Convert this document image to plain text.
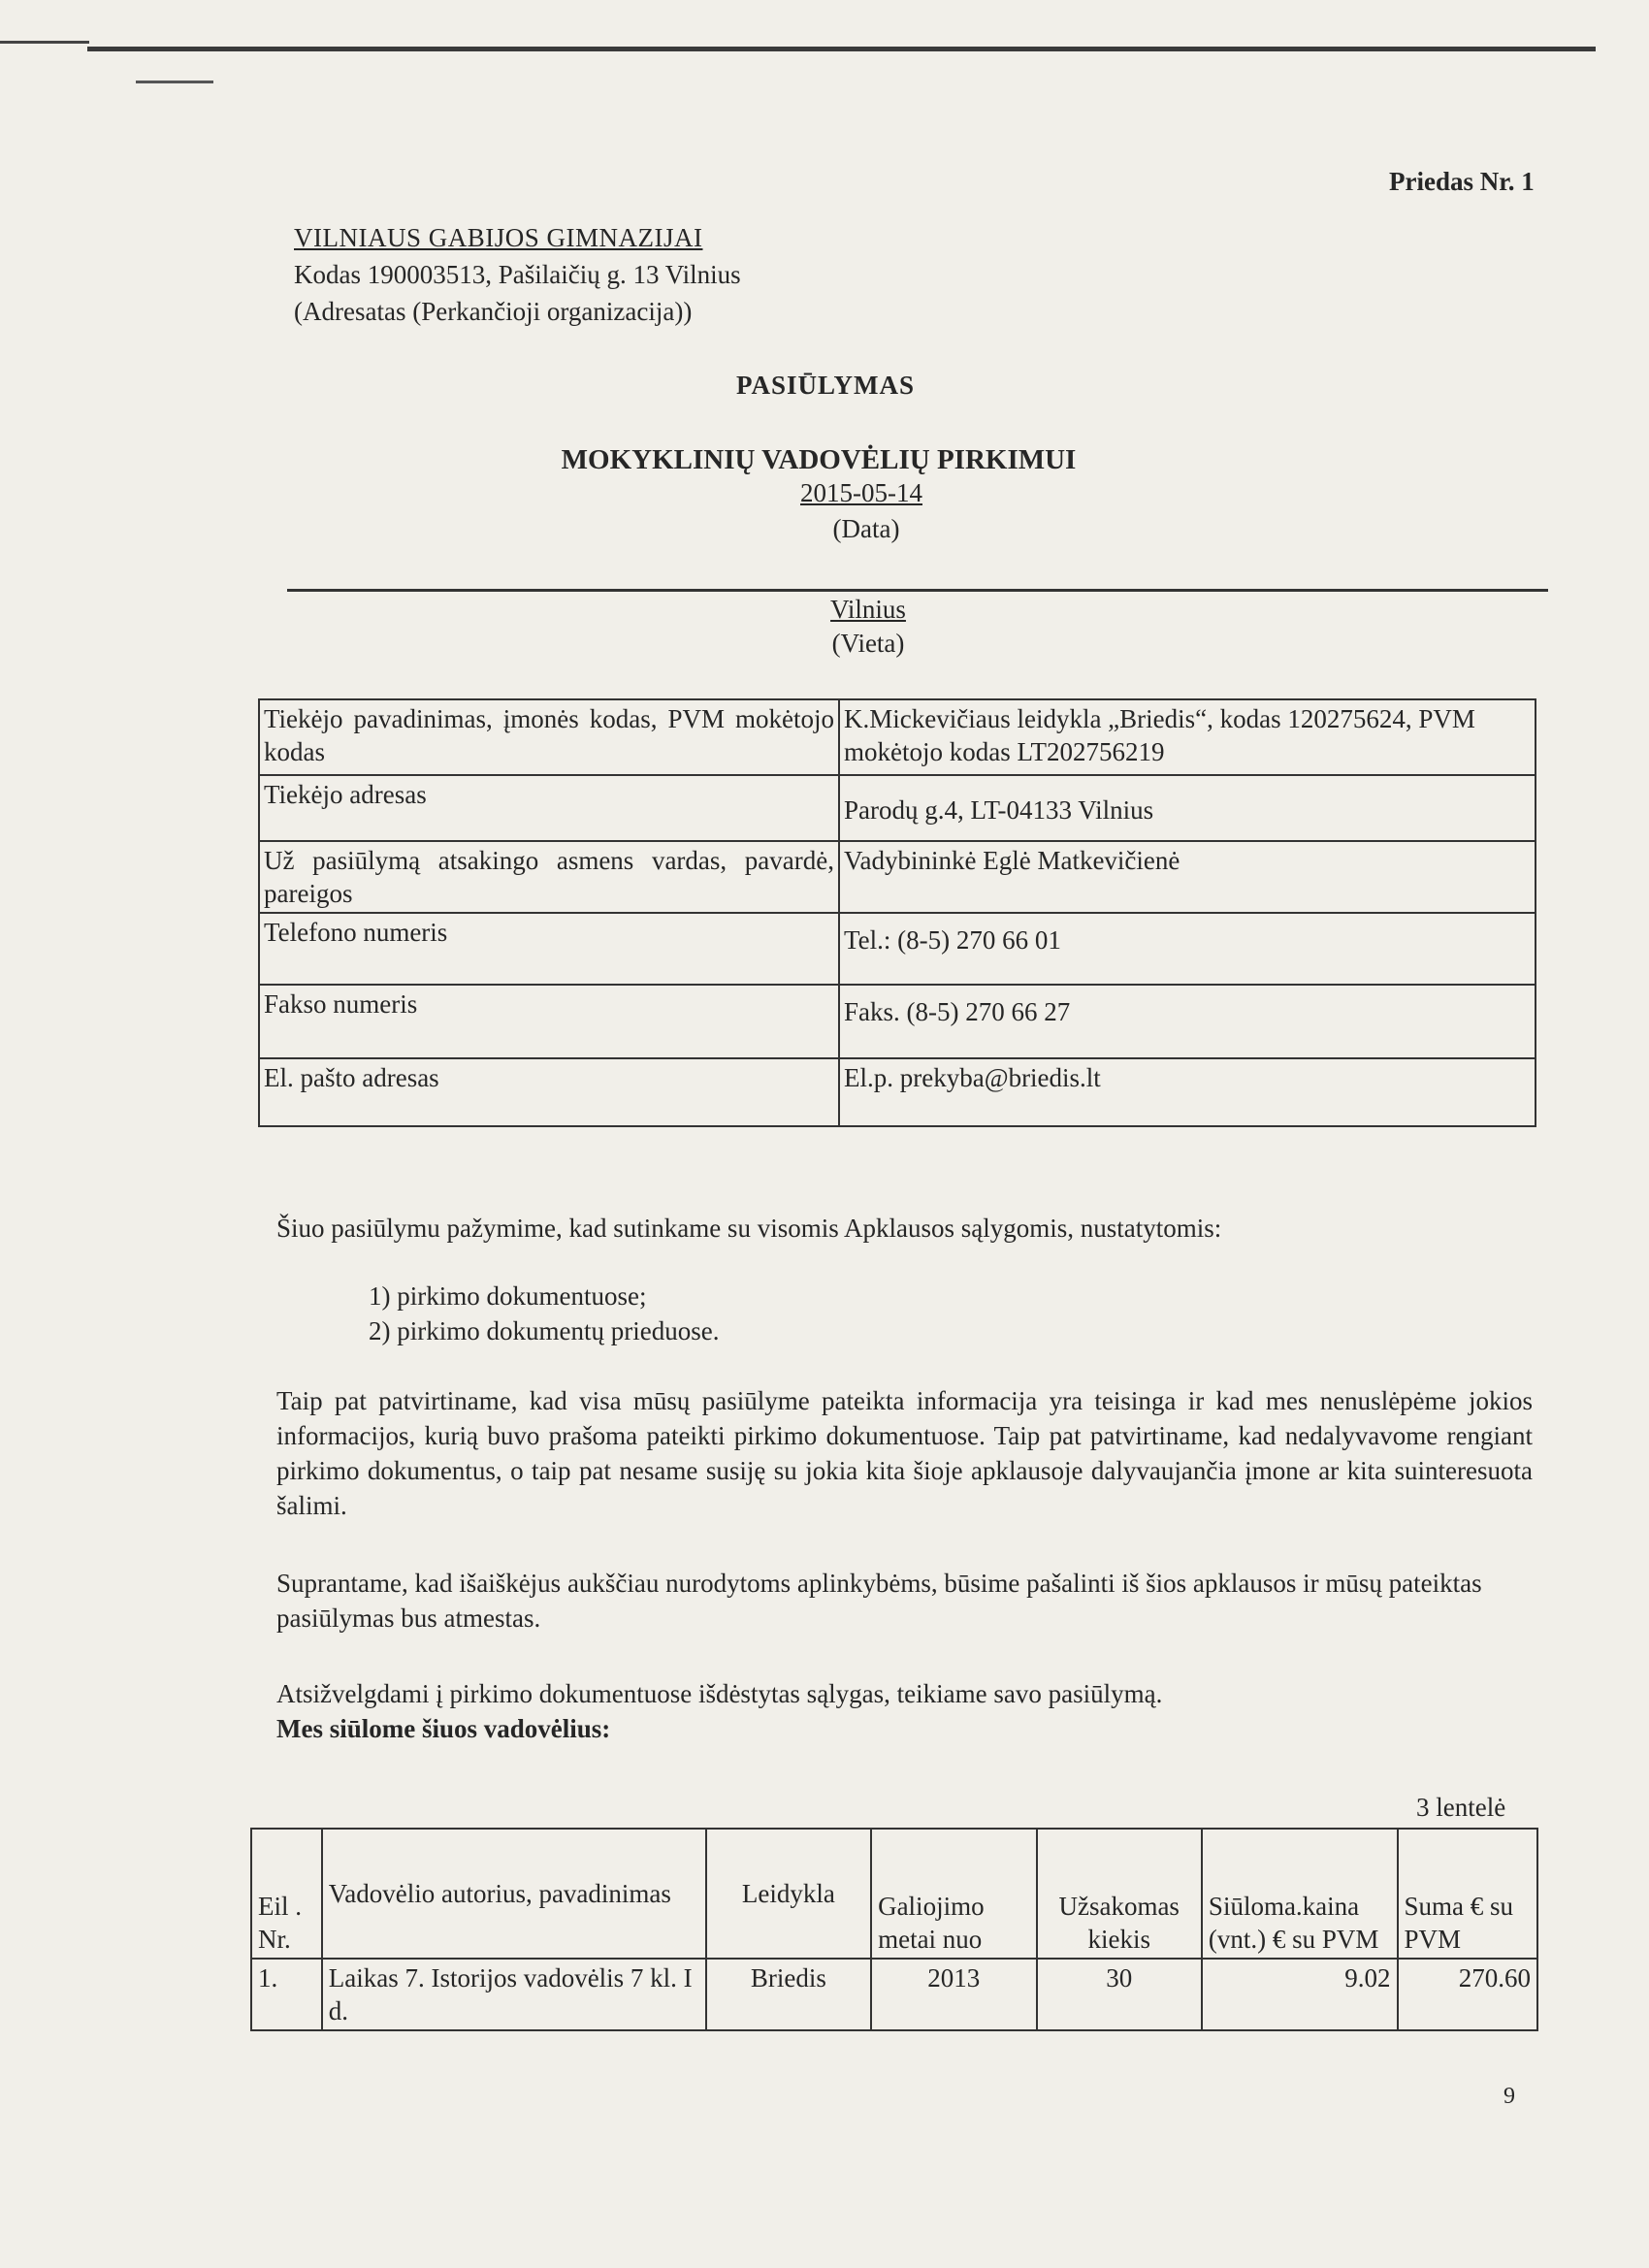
Priedas Nr. 1
VILNIAUS GABIJOS GIMNAZIJAI
Kodas 190003513, Pašilaičių g. 13 Vilnius
(Adresatas (Perkančioji organizacija))
PASIŪLYMAS
MOKYKLINIŲ VADOVĖLIŲ PIRKIMUI
2015-05-14
(Data)
Vilnius
(Vieta)
Tiekėjo pavadinimas, įmonės kodas, PVM mokėtojo kodas	K.Mickevičiaus leidykla „Briedis“, kodas 120275624, PVM mokėtojo kodas LT202756219
Tiekėjo adresas	Parodų g.4, LT-04133 Vilnius
Už pasiūlymą atsakingo asmens vardas, pavardė, pareigos	Vadybininkė Eglė Matkevičienė
Telefono numeris	Tel.: (8-5) 270 66 01
Fakso numeris	Faks. (8-5) 270 66 27
El. pašto adresas	El.p. prekyba@briedis.lt
Šiuo pasiūlymu pažymime, kad sutinkame su visomis Apklausos sąlygomis, nustatytomis:
1) pirkimo dokumentuose;
2) pirkimo dokumentų prieduose.
Taip pat patvirtiname, kad visa mūsų pasiūlyme pateikta informacija yra teisinga ir kad mes nenuslėpėme jokios informacijos, kurią buvo prašoma pateikti pirkimo dokumentuose. Taip pat patvirtiname, kad nedalyvavome rengiant pirkimo dokumentus, o taip pat nesame susiję su jokia kita šioje apklausoje dalyvaujančia įmone ar kita suinteresuota šalimi.
Suprantame, kad išaiškėjus aukščiau nurodytoms aplinkybėms, būsime pašalinti iš šios apklausos ir mūsų pateiktas pasiūlymas bus atmestas.
Atsižvelgdami į pirkimo dokumentuose išdėstytas sąlygas, teikiame savo pasiūlymą.
Mes siūlome šiuos vadovėlius:
3 lentelė
Eil . Nr.	Vadovėlio autorius, pavadinimas	Leidykla	Galiojimo metai nuo	Užsakomas kiekis	Siūloma.kaina (vnt.) € su PVM	Suma € su PVM
1.	Laikas 7. Istorijos vadovėlis 7 kl. I d.	Briedis	2013	30	9.02	270.60
9
